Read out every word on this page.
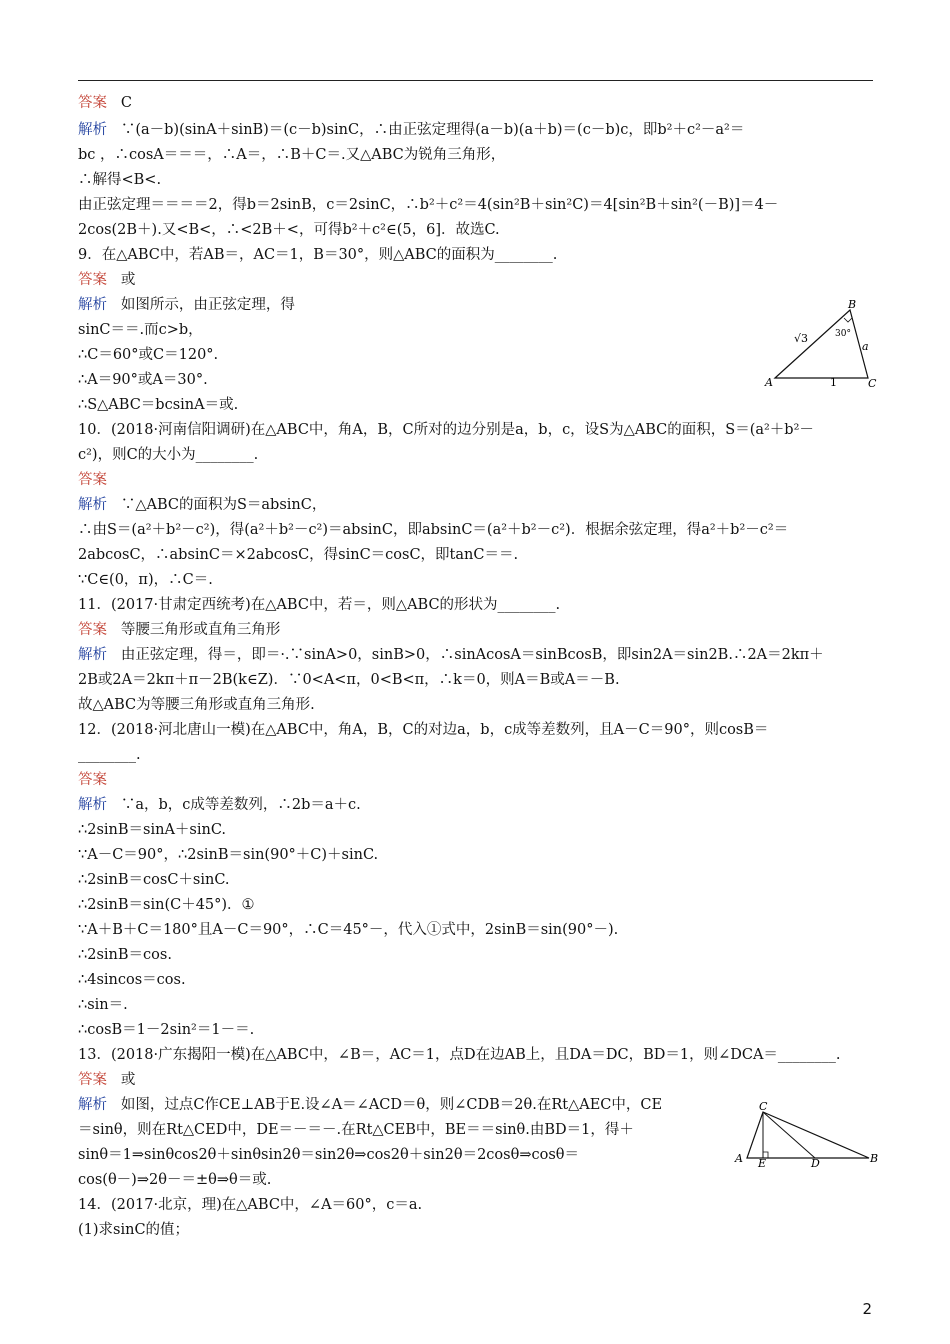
答案   C
解析   ∵(a－b)(sinA＋sinB)＝(c－b)sinC，∴由正弦定理得(a－b)(a＋b)＝(c－b)c，即b²＋c²－a²＝
bc ，∴cosA＝＝＝，∴A＝，∴B＋C＝.又△ABC为锐角三角形，
∴解得<B<.
由正弦定理＝＝＝＝2，得b＝2sinB，c＝2sinC，∴b²＋c²＝4(sin²B＋sin²C)＝4[sin²B＋sin²(－B)]＝4－
2cos(2B＋).又<B<，∴<2B＋<，可得b²＋c²∈(5，6]．故选C.
9．在△ABC中，若AB＝，AC＝1，B＝30°，则△ABC的面积为________.
答案   或
解析   如图所示，由正弦定理，得
sinC＝＝.而c>b，
∴C＝60°或C＝120°.
∴A＝90°或A＝30°.
∴S△ABC＝bcsinA＝或.
10．(2018·河南信阳调研)在△ABC中，角A，B，C所对的边分别是a，b，c，设S为△ABC的面积，S＝(a²＋b²－
c²)，则C的大小为________.
答案
解析   ∵△ABC的面积为S＝absinC，
∴由S＝(a²＋b²－c²)，得(a²＋b²－c²)＝absinC，即absinC＝(a²＋b²－c²)．根据余弦定理，得a²＋b²－c²＝
2abcosC，∴absinC＝×2abcosC，得sinC＝cosC，即tanC＝＝.
∵C∈(0，π)，∴C＝.
11．(2017·甘肃定西统考)在△ABC中，若＝，则△ABC的形状为________.
答案   等腰三角形或直角三角形
解析   由正弦定理，得＝，即＝·.∵sinA>0，sinB>0，∴sinAcosA＝sinBcosB，即sin2A＝sin2B.∴2A＝2kπ＋
2B或2A＝2kπ＋π－2B(k∈Z)．∵0<A<π，0<B<π，∴k＝0，则A＝B或A＝－B.
故△ABC为等腰三角形或直角三角形.
12．(2018·河北唐山一模)在△ABC中，角A，B，C的对边a，b，c成等差数列，且A－C＝90°，则cosB＝
________.
答案
解析   ∵a，b，c成等差数列，∴2b＝a＋c.
∴2sinB＝sinA＋sinC.
∵A－C＝90°，∴2sinB＝sin(90°＋C)＋sinC.
∴2sinB＝cosC＋sinC.
∴2sinB＝sin(C＋45°)．①
∵A＋B＋C＝180°且A－C＝90°，∴C＝45°－，代入①式中，2sinB＝sin(90°－).
∴2sinB＝cos.
∴4sincos＝cos.
∴sin＝.
∴cosB＝1－2sin²＝1－＝.
13．(2018·广东揭阳一模)在△ABC中，∠B＝，AC＝1，点D在边AB上，且DA＝DC，BD＝1，则∠DCA＝________.
答案   或
解析   如图，过点C作CE⊥AB于E.设∠A＝∠ACD＝θ，则∠CDB＝2θ.在Rt△AEC中，CE
＝sinθ，则在Rt△CED中，DE＝－＝－.在Rt△CEB中，BE＝＝sinθ.由BD＝1，得＋
sinθ＝1⇒sinθcos2θ＋sinθsin2θ＝sin2θ⇒cos2θ＋sin2θ＝2cosθ⇒cosθ＝
cos(θ－)⇒2θ－＝±θ⇒θ＝或.
14．(2017·北京，理)在△ABC中，∠A＝60°，c＝a.
(1)求sinC的值；
A
B
C
30°
a
√3
1
A
C
E	D	B
2
